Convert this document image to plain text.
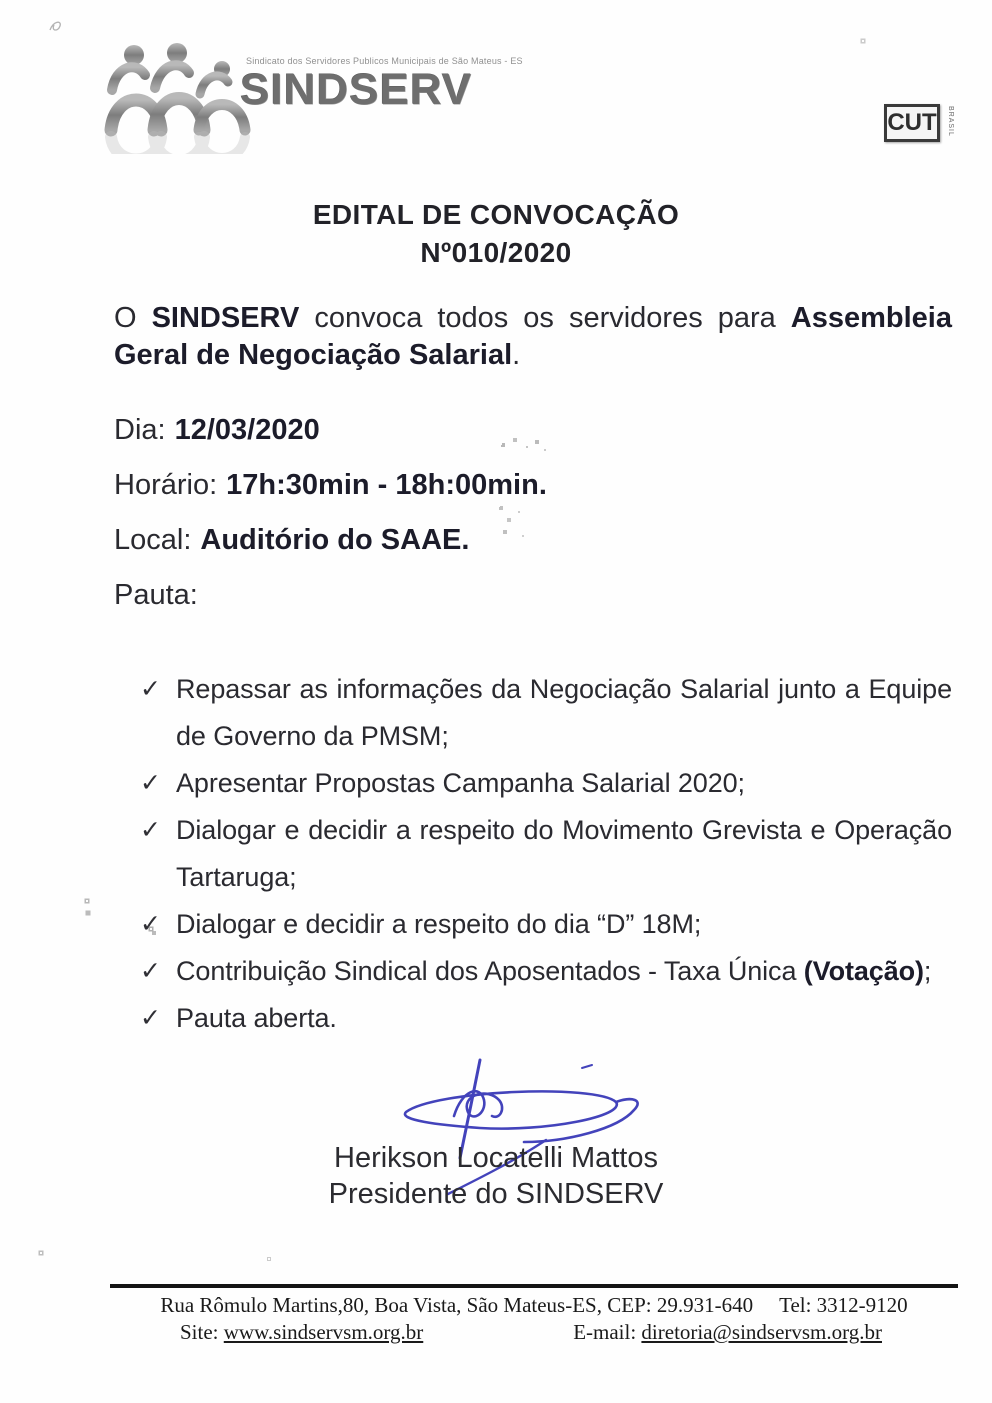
Sindicato dos Servidores Publicos Municipais de São Mateus - ES
SINDSERV
CUT BRASIL
EDITAL DE CONVOCAÇÃO
Nº010/2020

O SINDSERV convoca todos os servidores para Assembleia Geral de Negociação Salarial.

Dia: 12/03/2020
Horário: 17h:30min - 18h:00min.
Local: Auditório do SAAE.
Pauta:
✓ Repassar as informações da Negociação Salarial junto a Equipe de Governo da PMSM;
✓ Apresentar Propostas Campanha Salarial 2020;
✓ Dialogar e decidir a respeito do Movimento Grevista e Operação Tartaruga;
✓ Dialogar e decidir a respeito do dia “D” 18M;
✓ Contribuição Sindical dos Aposentados - Taxa Única (Votação);
✓ Pauta aberta.
Herikson Locatelli Mattos
Presidente do SINDSERV
Rua Rômulo Martins,80, Boa Vista, São Mateus-ES, CEP: 29.931-640 Tel: 3312-9120
Site: www.sindservsm.org.br	E-mail: diretoria@sindservsm.org.br
